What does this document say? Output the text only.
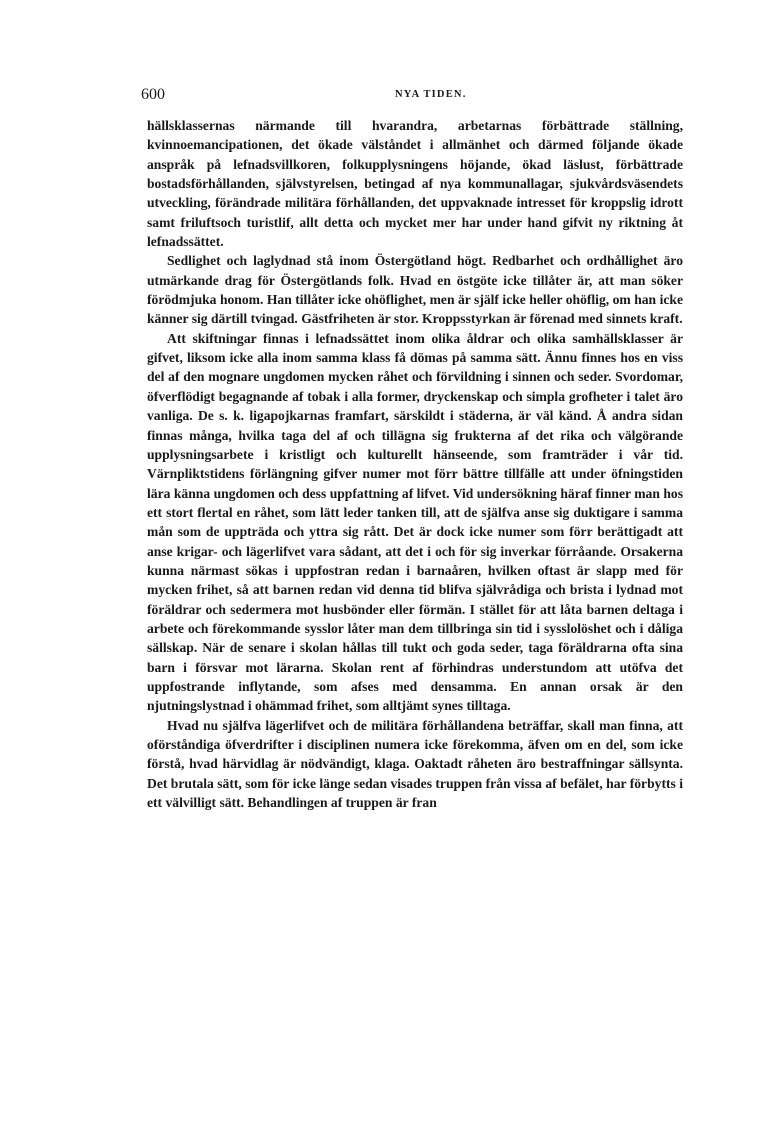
600	NYA TIDEN.

hällsklassernas närmande till hvarandra, arbetarnas förbättrade ställning, kvinnoemancipationen, det ökade välståndet i allmänhet och därmed följande ökade anspråk på lefnadsvillkoren, folkupplysningens höjande, ökad läslust, förbättrade bostadsförhållanden, självstyrelsen, betingad af nya kommunallagar, sjukvårdsväsendets utveckling, förändrade militära förhållanden, det uppvaknade intresset för kroppslig idrott samt friluftsoch turistlif, allt detta och mycket mer har under hand gifvit ny riktning åt lefnadssättet.

Sedlighet och laglydnad stå inom Östergötland högt. Redbarhet och ordhållighet äro utmärkande drag för Östergötlands folk. Hvad en östgöte icke tillåter är, att man söker förödmjuka honom. Han tillåter icke ohöflighet, men är själf icke heller ohöflig, om han icke känner sig därtill tvingad. Gästfriheten är stor. Kroppsstyrkan är förenad med sinnets kraft.

Att skiftningar finnas i lefnadssättet inom olika åldrar och olika samhällsklasser är gifvet, liksom icke alla inom samma klass få dömas på samma sätt. Ännu finnes hos en viss del af den mognare ungdomen mycken råhet och förvildning i sinnen och seder. Svordomar, öfverflödigt begagnande af tobak i alla former, dryckenskap och simpla grofheter i talet äro vanliga. De s. k. ligapojkarnas framfart, särskildt i städerna, är väl känd. Å andra sidan finnas många, hvilka taga del af och tillägna sig frukterna af det rika och välgörande upplysningsarbete i kristligt och kulturellt hänseende, som framträder i vår tid. Värnpliktstidens förlängning gifver numer mot förr bättre tillfälle att under öfningstiden lära känna ungdomen och dess uppfattning af lifvet. Vid undersökning häraf finner man hos ett stort flertal en råhet, som lätt leder tanken till, att de själfva anse sig duktigare i samma mån som de uppträda och yttra sig rått. Det är dock icke numer som förr berättigadt att anse krigar- och lägerlifvet vara sådant, att det i och för sig inverkar förråande. Orsakerna kunna närmast sökas i uppfostran redan i barnaåren, hvilken oftast är slapp med för mycken frihet, så att barnen redan vid denna tid blifva självrådiga och brista i lydnad mot föräldrar och sedermera mot husbönder eller förmän. I stället för att låta barnen deltaga i arbete och förekommande sysslor låter man dem tillbringa sin tid i sysslolöshet och i dåliga sällskap. När de senare i skolan hållas till tukt och goda seder, taga föräldrarna ofta sina barn i försvar mot lärarna. Skolan rent af förhindras understundom att utöfva det uppfostrande inflytande, som afses med densamma. En annan orsak är den njutningslystnad i ohämmad frihet, som alltjämt synes tilltaga.

Hvad nu själfva lägerlifvet och de militära förhållandena beträffar, skall man finna, att oförståndiga öfverdrifter i disciplinen numera icke förekomma, äfven om en del, som icke förstå, hvad härvidlag är nödvändigt, klaga. Oaktadt råheten äro bestraffningar sällsynta. Det brutala sätt, som för icke länge sedan visades truppen från vissa af befälet, har förbytts i ett välvilligt sätt. Behandlingen af truppen är fran
